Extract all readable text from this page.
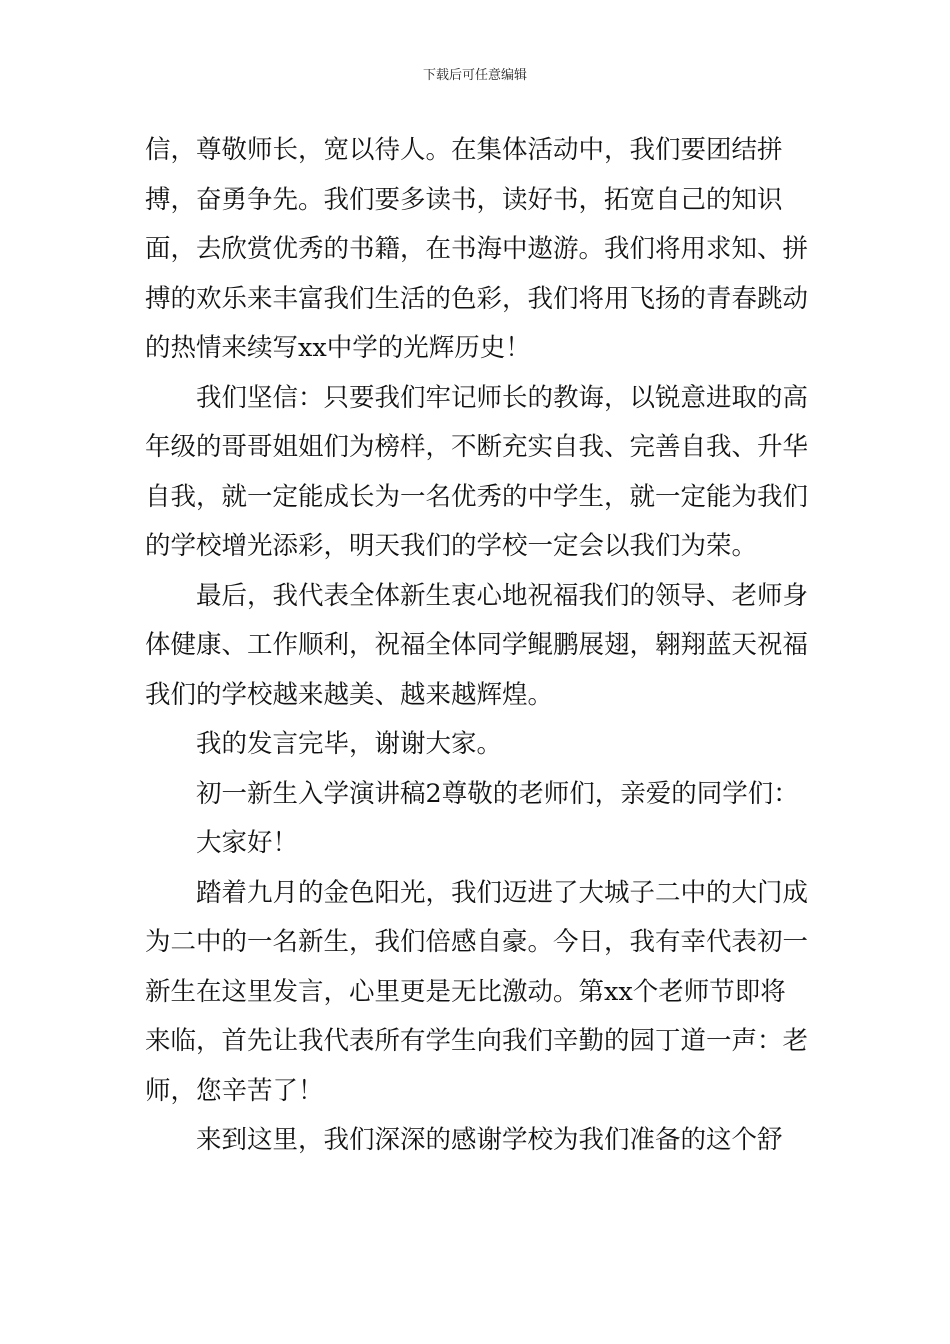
下载后可任意编辑

信，尊敬师长，宽以待人。在集体活动中，我们要团结拼搏，奋勇争先。我们要多读书，读好书，拓宽自己的知识面，去欣赏优秀的书籍，在书海中遨游。我们将用求知、拼搏的欢乐来丰富我们生活的色彩，我们将用飞扬的青春跳动的热情来续写xx中学的光辉历史！

我们坚信：只要我们牢记师长的教诲，以锐意进取的高年级的哥哥姐姐们为榜样，不断充实自我、完善自我、升华自我，就一定能成长为一名优秀的中学生，就一定能为我们的学校增光添彩，明天我们的学校一定会以我们为荣。

最后，我代表全体新生衷心地祝福我们的领导、老师身体健康、工作顺利，祝福全体同学鲲鹏展翅，翱翔蓝天祝福我们的学校越来越美、越来越辉煌。

我的发言完毕，谢谢大家。

初一新生入学演讲稿2尊敬的老师们，亲爱的同学们：

大家好！

踏着九月的金色阳光，我们迈进了大城子二中的大门成为二中的一名新生，我们倍感自豪。今日，我有幸代表初一新生在这里发言，心里更是无比激动。第xx个老师节即将来临，首先让我代表所有学生向我们辛勤的园丁道一声：老师，您辛苦了！

来到这里，我们深深的感谢学校为我们准备的这个舒
